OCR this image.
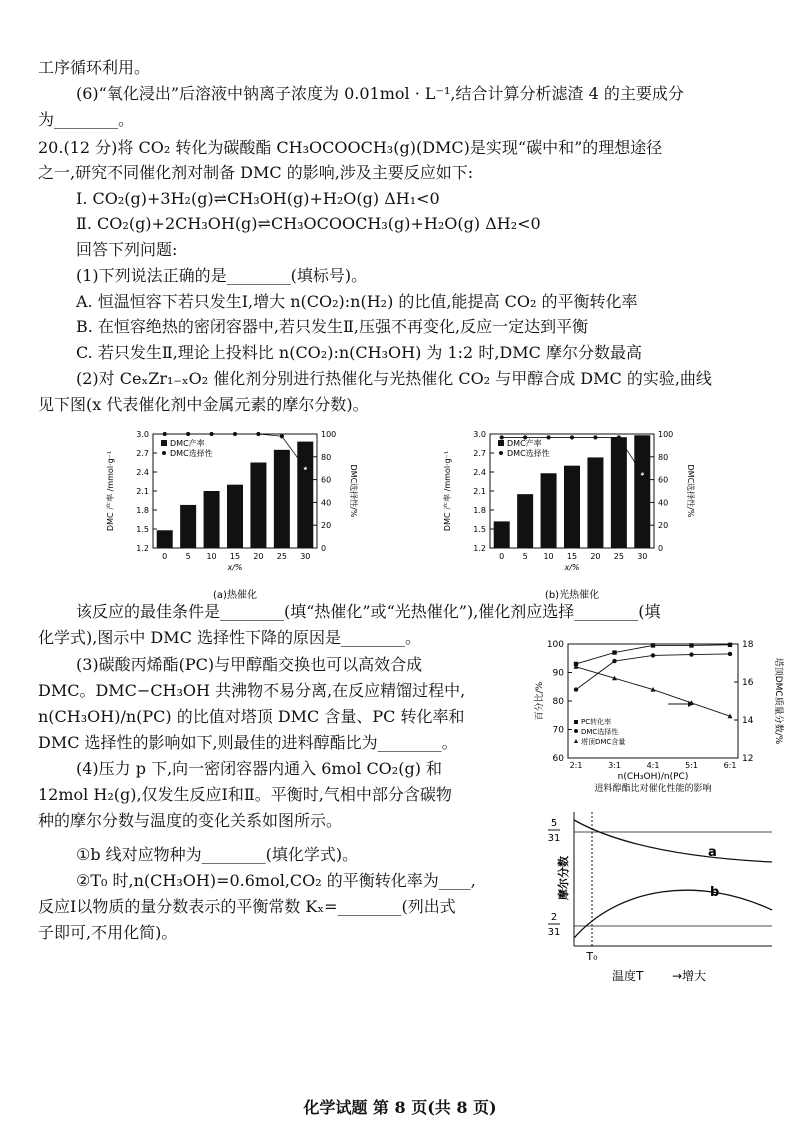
工序循环利用。
(6)“氧化浸出”后溶液中钠离子浓度为 0.01mol · L⁻¹,结合计算分析滤渣 4 的主要成分
为________。
20.(12 分)将 CO₂ 转化为碳酸酯 CH₃OCOOCH₃(g)(DMC)是实现“碳中和”的理想途径
之一,研究不同催化剂对制备 DMC 的影响,涉及主要反应如下:
Ⅰ. CO₂(g)+3H₂(g)⇌CH₃OH(g)+H₂O(g) ΔH₁<0
Ⅱ. CO₂(g)+2CH₃OH(g)⇌CH₃OCOOCH₃(g)+H₂O(g) ΔH₂<0
回答下列问题:
(1)下列说法正确的是________(填标号)。
A. 恒温恒容下若只发生Ⅰ,增大 n(CO₂):n(H₂) 的比值,能提高 CO₂ 的平衡转化率
B. 在恒容绝热的密闭容器中,若只发生Ⅱ,压强不再变化,反应一定达到平衡
C. 若只发生Ⅱ,理论上投料比 n(CO₂):n(CH₃OH) 为 1:2 时,DMC 摩尔分数最高
(2)对 CeₓZr₁₋ₓO₂ 催化剂分别进行热催化与光热催化 CO₂ 与甲醇合成 DMC 的实验,曲线
见下图(x 代表催化剂中金属元素的摩尔分数)。
1.2
1.5
1.8
2.1
2.4
2.7
3.0
0
20
40
60
80
100
0 5 10 15 20 25 30
x/%
DMC 产率 /mmol·g⁻¹	DMC选择性/%
DMC产率
DMC选择性
(a)热催化
1.2
1.5
1.8
2.1
2.4
2.7
3.0
0
20
40
60
80
100
0 5 10 15 20 25 30
x/%
DMC 产率 /mmol·g⁻¹	DMC选择性/%
DMC产率
DMC选择性
(b)光热催化
该反应的最佳条件是________(填“热催化”或“光热催化”),催化剂应选择________(填
化学式),图示中 DMC 选择性下降的原因是________。
(3)碳酸丙烯酯(PC)与甲醇酯交换也可以高效合成
DMC。DMC−CH₃OH 共沸物不易分离,在反应精馏过程中,
n(CH₃OH)/n(PC) 的比值对塔顶 DMC 含量、PC 转化率和
DMC 选择性的影响如下,则最佳的进料醇酯比为________。
(4)压力 p 下,向一密闭容器内通入 6mol CO₂(g) 和
12mol H₂(g),仅发生反应Ⅰ和Ⅱ。平衡时,气相中部分含碳物
种的摩尔分数与温度的变化关系如图所示。
①b 线对应物种为________(填化学式)。
②T₀ 时,n(CH₃OH)=0.6mol,CO₂ 的平衡转化率为____,
反应Ⅰ以物质的量分数表示的平衡常数 Kₓ=________(列出式
子即可,不用化简)。
60
70
80
90
100
12
14
16
18
2:1	3:1	4:1	5:1	6:1
PC转化率
DMC选择性
塔顶DMC含量
n(CH₃OH)/n(PC)
进料醇酯比对催化性能的影响
百分比/%	塔顶DMC质量分数/%
a
b
5
31
2
31
摩尔分数
T₀
温度T →增大
化学试题 第 8 页(共 8 页)
